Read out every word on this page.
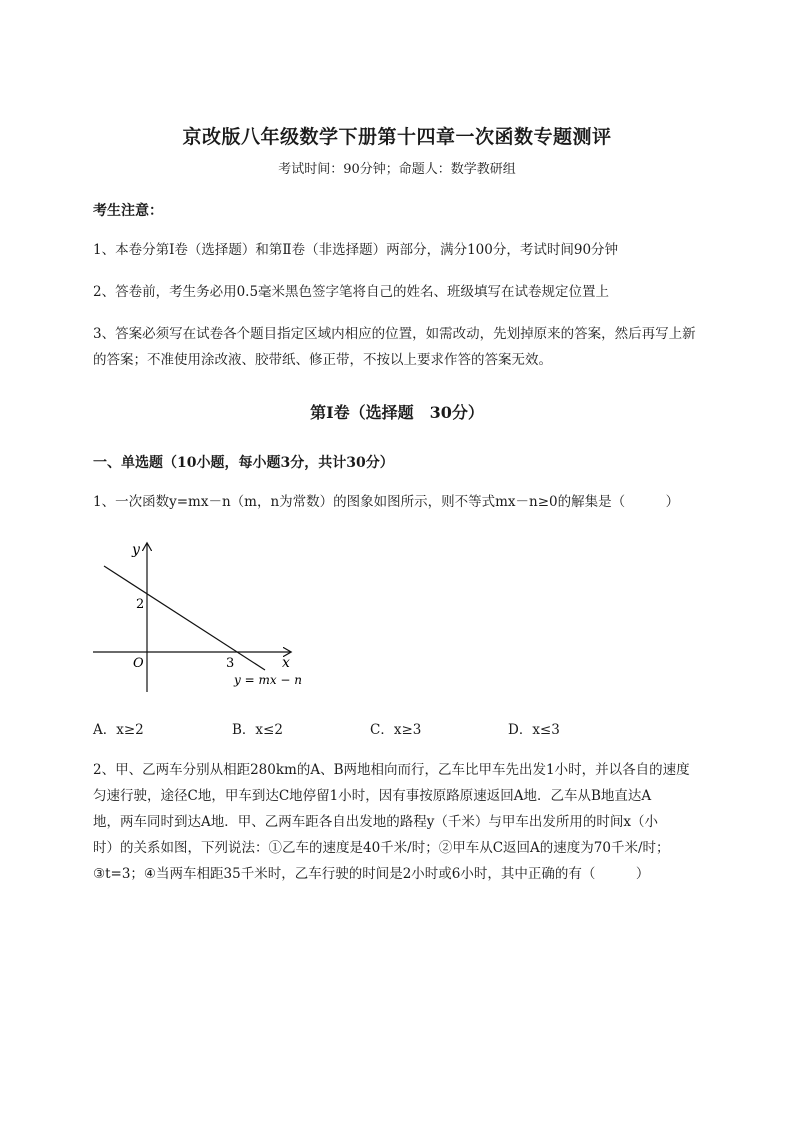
京改版八年级数学下册第十四章一次函数专题测评
考试时间：90分钟；命题人：数学教研组
考生注意：
1、本卷分第I卷（选择题）和第Ⅱ卷（非选择题）两部分，满分100分，考试时间90分钟
2、答卷前，考生务必用0.5毫米黑色签字笔将自己的姓名、班级填写在试卷规定位置上
3、答案必须写在试卷各个题目指定区域内相应的位置，如需改动，先划掉原来的答案，然后再写上新
的答案；不准使用涂改液、胶带纸、修正带，不按以上要求作答的答案无效。
第I卷（选择题　30分）
一、单选题（10小题，每小题3分，共计30分）
1、一次函数y=mx－n（m，n为常数）的图象如图所示，则不等式mx－n≥0的解集是（　　　）
y
x
O
2
3
y = mx − n
A．x≥2	B．x≤2	C．x≥3	D．x≤3
2、甲、乙两车分别从相距280km的A、B两地相向而行，乙车比甲车先出发1小时，并以各自的速度
匀速行驶，途径C地，甲车到达C地停留1小时，因有事按原路原速返回A地．乙车从B地直达A
地，两车同时到达A地．甲、乙两车距各自出发地的路程y（千米）与甲车出发所用的时间x（小
时）的关系如图，下列说法：①乙车的速度是40千米/时；②甲车从C返回A的速度为70千米/时；
③t=3；④当两车相距35千米时，乙车行驶的时间是2小时或6小时，其中正确的有（　　　）
